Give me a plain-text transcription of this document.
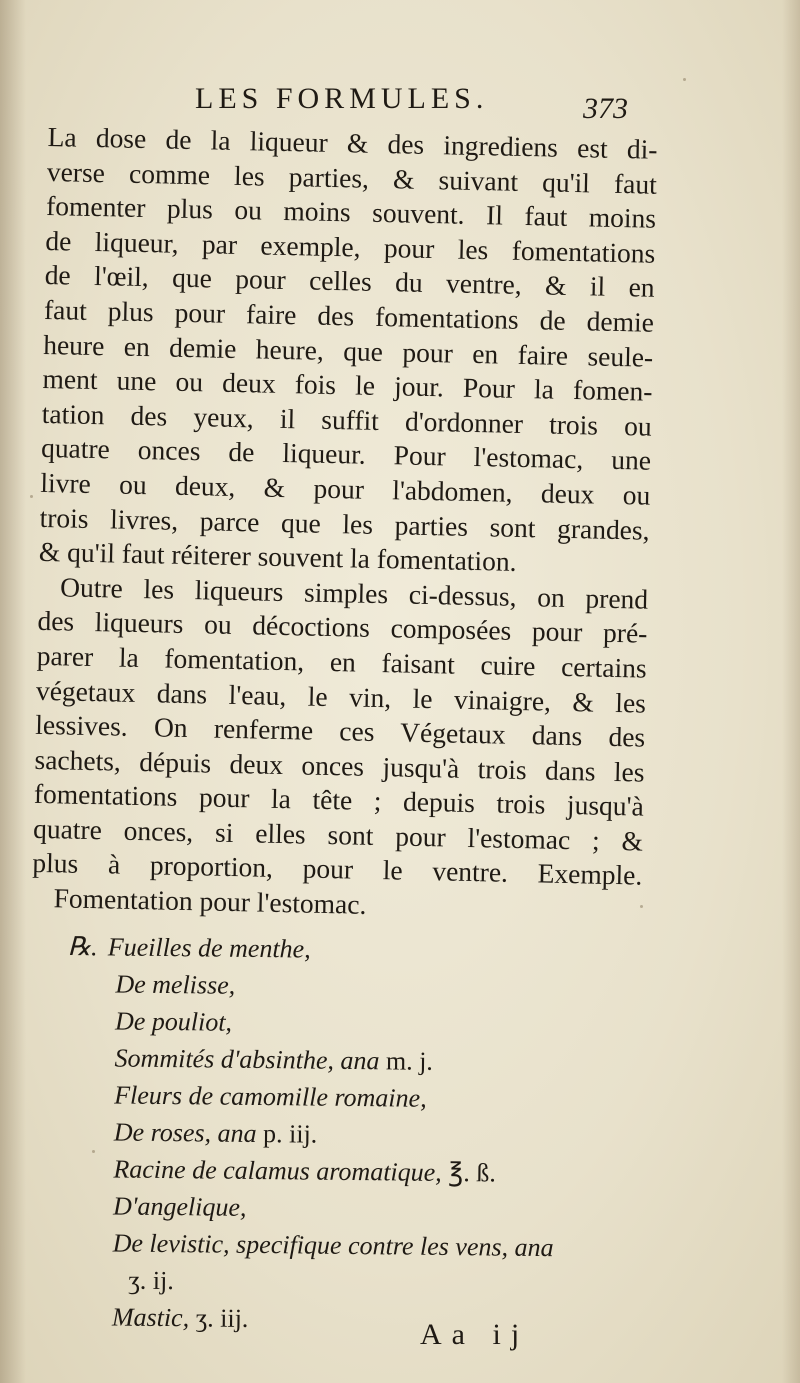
LES FORMULES.	373
La dose de la liqueur & des ingrediens est di-
verse comme les parties, & suivant qu'il faut
fomenter plus ou moins souvent. Il faut moins
de liqueur, par exemple, pour les fomentations
de l'œil, que pour celles du ventre, & il en
faut plus pour faire des fomentations de demie
heure en demie heure, que pour en faire seule-
ment une ou deux fois le jour. Pour la fomen-
tation des yeux, il suffit d'ordonner trois ou
quatre onces de liqueur. Pour l'estomac, une
livre ou deux, & pour l'abdomen, deux ou
trois livres, parce que les parties sont grandes,
& qu'il faut réiterer souvent la fomentation.
Outre les liqueurs simples ci-dessus, on prend
des liqueurs ou décoctions composées pour pré-
parer la fomentation, en faisant cuire certains
végetaux dans l'eau, le vin, le vinaigre, & les
lessives. On renferme ces Végetaux dans des
sachets, dépuis deux onces jusqu'à trois dans les
fomentations pour la tête ; depuis trois jusqu'à
quatre onces, si elles sont pour l'estomac ; &
plus à proportion, pour le ventre. Exemple.
Fomentation pour l'estomac.
℞. Fueilles de menthe,
De melisse,
De pouliot,
Sommités d'absinthe, ana m. j.
Fleurs de camomille romaine,
De roses, ana p. iij.
Racine de calamus aromatique, ℥. ß.
D'angelique,
De levistic, specifique contre les vens, ana
ʒ. ij.
Mastic, ʒ. iij.	Aa ij
